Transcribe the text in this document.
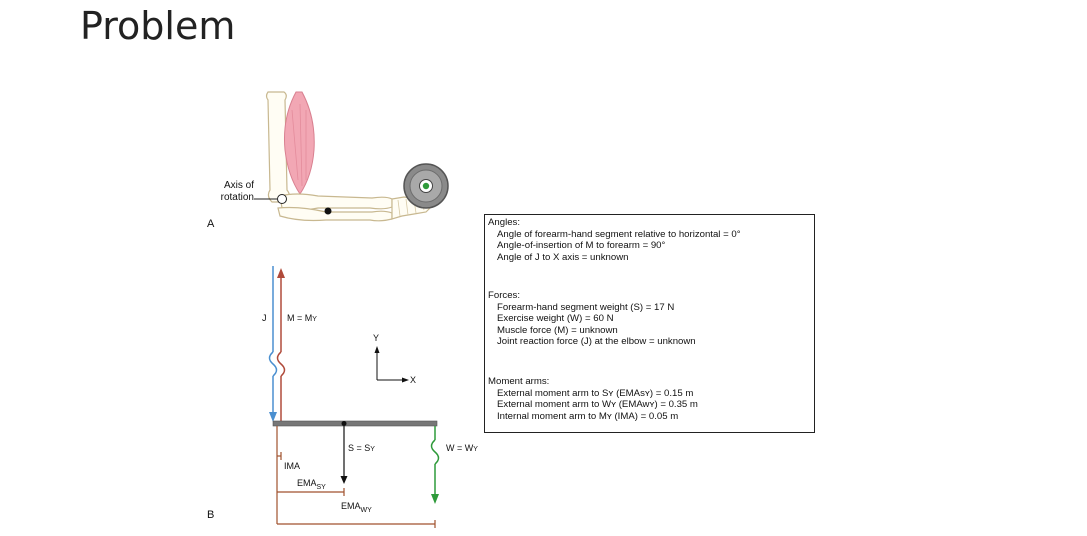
Problem
Axis of
rotation
A
B
J M = MY
Y
X
S = SY	W = WY
IMA
$EMA_{SY}$
$EMA_{WY}$
Angles:
Angle of forearm-hand segment relative to horizontal = 0°
Angle-of-insertion of M to forearm = 90°
Angle of J to X axis = unknown
Forces:
Forearm-hand segment weight (S) = 17 N
Exercise weight (W) = 60 N
Muscle force (M) = unknown
Joint reaction force (J) at the elbow = unknown
Moment arms:
External moment arm to Sʏ (EMAsʏ) = 0.15 m
External moment arm to Wʏ (EMAwʏ) = 0.35 m
Internal moment arm to Mʏ (IMA) = 0.05 m
